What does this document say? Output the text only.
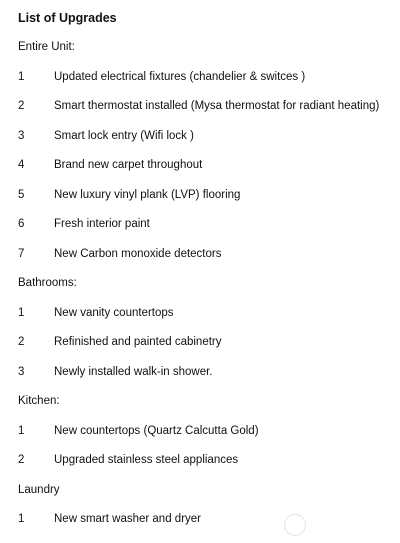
List of Upgrades
Entire Unit:
1	Updated electrical fixtures (chandelier & switces )
2	Smart thermostat installed (Mysa thermostat for radiant heating)
3	Smart lock entry (Wifi lock )
4	Brand new carpet throughout
5	New luxury vinyl plank (LVP) flooring
6	Fresh interior paint
7	New Carbon monoxide detectors
Bathrooms:
1	New vanity countertops
2	Refinished and painted cabinetry
3	Newly installed walk-in shower.
Kitchen:
1	New countertops (Quartz Calcutta Gold)
2	Upgraded stainless steel appliances
Laundry
1	New smart washer and dryer
